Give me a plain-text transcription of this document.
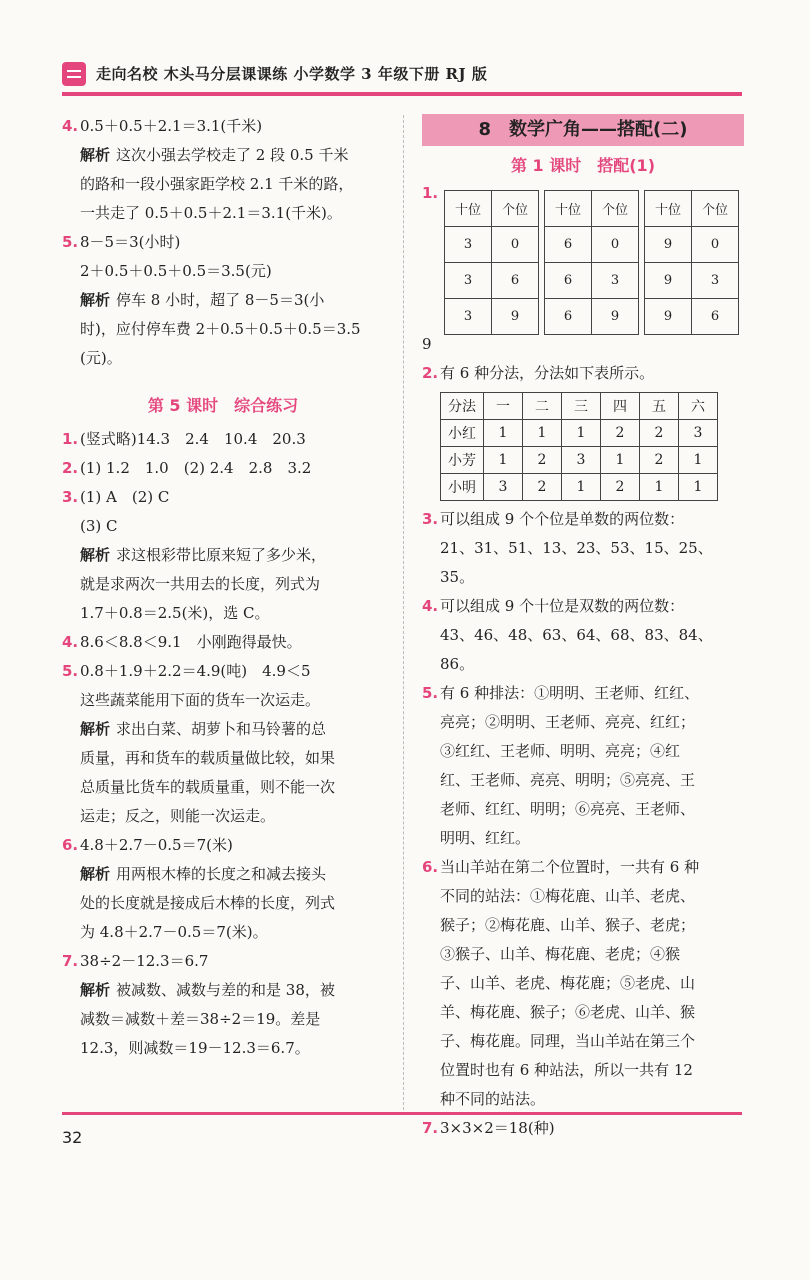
走向名校 木头马分层课课练 小学数学 3 年级下册 RJ 版
4. 0.5＋0.5＋2.1＝3.1(千米)
解析 这次小强去学校走了 2 段 0.5 千米
的路和一段小强家距学校 2.1 千米的路，
一共走了 0.5＋0.5＋2.1＝3.1(千米)。
5. 8－5＝3(小时)
2＋0.5＋0.5＋0.5＝3.5(元)
解析 停车 8 小时，超了 8－5＝3(小
时)，应付停车费 2＋0.5＋0.5＋0.5＝3.5
(元)。
第 5 课时　综合练习
1. (竖式略)14.3　2.4　10.4　20.3
2. (1) 1.2　1.0　(2) 2.4　2.8　3.2
3. (1) A　(2) C
(3) C
解析 求这根彩带比原来短了多少米，
就是求两次一共用去的长度，列式为
1.7＋0.8＝2.5(米)，选 C。
4. 8.6＜8.8＜9.1　小刚跑得最快。
5. 0.8＋1.9＋2.2＝4.9(吨)　4.9＜5
这些蔬菜能用下面的货车一次运走。
解析 求出白菜、胡萝卜和马铃薯的总
质量，再和货车的载质量做比较，如果
总质量比货车的载质量重，则不能一次
运走；反之，则能一次运走。
6. 4.8＋2.7－0.5＝7(米)
解析 用两根木棒的长度之和减去接头
处的长度就是接成后木棒的长度，列式
为 4.8＋2.7－0.5＝7(米)。
7. 38÷2－12.3＝6.7
解析 被减数、减数与差的和是 38，被
减数＝减数＋差＝38÷2＝19。差是
12.3，则减数＝19－12.3＝6.7。
8　数学广角——搭配(二)
第 1 课时　搭配(1)
1.
十位	个位
3	0
3	6
3	9
十位	个位
6	0
6	3
6	9
十位	个位
9	0
9	3
9	6
9
2. 有 6 种分法，分法如下表所示。
分法	一	二	三	四	五	六
小红	1	1	1	2	2	3
小芳	1	2	3	1	2	1
小明	3	2	1	2	1	1
3. 可以组成 9 个个位是单数的两位数：
21、31、51、13、23、53、15、25、
35。
4. 可以组成 9 个十位是双数的两位数：
43、46、48、63、64、68、83、84、
86。
5. 有 6 种排法：①明明、王老师、红红、
亮亮；②明明、王老师、亮亮、红红；
③红红、王老师、明明、亮亮；④红
红、王老师、亮亮、明明；⑤亮亮、王
老师、红红、明明；⑥亮亮、王老师、
明明、红红。
6. 当山羊站在第二个位置时，一共有 6 种
不同的站法：①梅花鹿、山羊、老虎、
猴子；②梅花鹿、山羊、猴子、老虎；
③猴子、山羊、梅花鹿、老虎；④猴
子、山羊、老虎、梅花鹿；⑤老虎、山
羊、梅花鹿、猴子；⑥老虎、山羊、猴
子、梅花鹿。同理，当山羊站在第三个
位置时也有 6 种站法，所以一共有 12
种不同的站法。
7. 3×3×2＝18(种)
32
